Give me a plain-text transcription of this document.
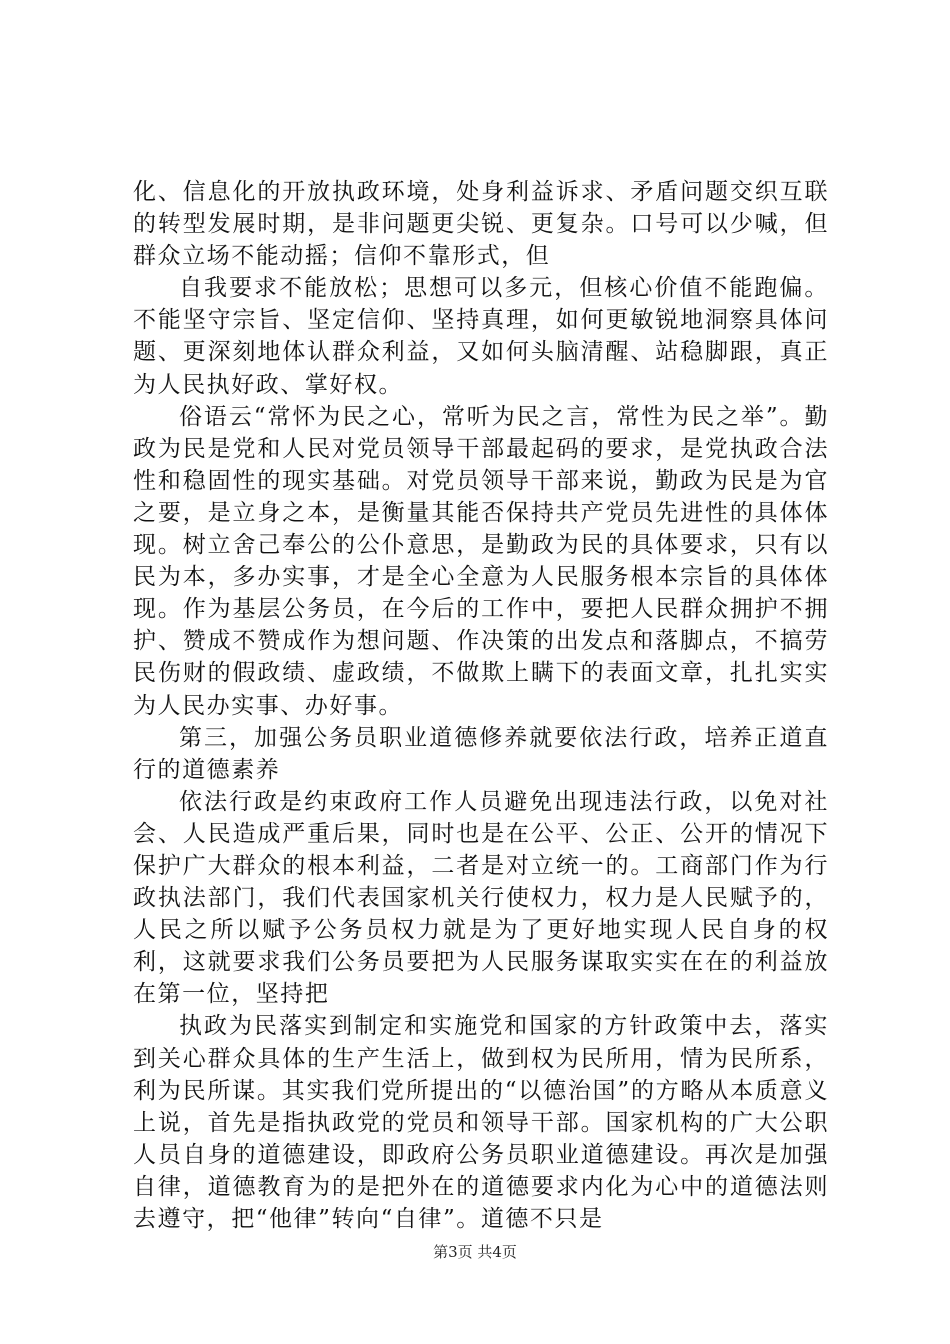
化、信息化的开放执政环境，处身利益诉求、矛盾问题交织互联的转型发展时期，是非问题更尖锐、更复杂。口号可以少喊，但群众立场不能动摇；信仰不靠形式，但

自我要求不能放松；思想可以多元，但核心价值不能跑偏。不能坚守宗旨、坚定信仰、坚持真理，如何更敏锐地洞察具体问题、更深刻地体认群众利益，又如何头脑清醒、站稳脚跟，真正为人民执好政、掌好权。

俗语云“常怀为民之心，常听为民之言，常性为民之举”。勤政为民是党和人民对党员领导干部最起码的要求，是党执政合法性和稳固性的现实基础。对党员领导干部来说，勤政为民是为官之要，是立身之本，是衡量其能否保持共产党员先进性的具体体现。树立舍己奉公的公仆意思，是勤政为民的具体要求，只有以民为本，多办实事，才是全心全意为人民服务根本宗旨的具体体现。作为基层公务员，在今后的工作中，要把人民群众拥护不拥护、赞成不赞成作为想问题、作决策的出发点和落脚点，不搞劳民伤财的假政绩、虚政绩，不做欺上瞒下的表面文章，扎扎实实为人民办实事、办好事。

第三，加强公务员职业道德修养就要依法行政，培养正道直行的道德素养

依法行政是约束政府工作人员避免出现违法行政，以免对社会、人民造成严重后果，同时也是在公平、公正、公开的情况下保护广大群众的根本利益，二者是对立统一的。工商部门作为行政执法部门，我们代表国家机关行使权力，权力是人民赋予的，人民之所以赋予公务员权力就是为了更好地实现人民自身的权利，这就要求我们公务员要把为人民服务谋取实实在在的利益放在第一位，坚持把

执政为民落实到制定和实施党和国家的方针政策中去，落实到关心群众具体的生产生活上，做到权为民所用，情为民所系，利为民所谋。其实我们党所提出的“以德治国”的方略从本质意义上说，首先是指执政党的党员和领导干部。国家机构的广大公职人员自身的道德建设，即政府公务员职业道德建设。再次是加强自律，道德教育为的是把外在的道德要求内化为心中的道德法则去遵守，把“他律”转向“自律”。道德不只是

第3页 共4页
